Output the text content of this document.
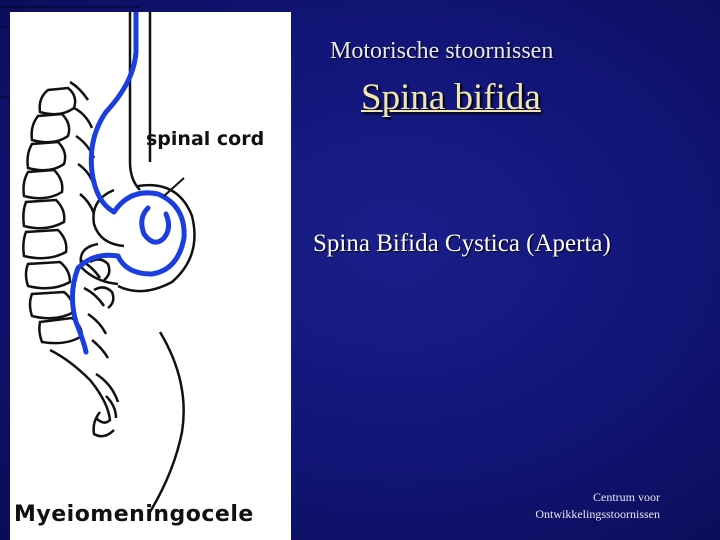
spinal cord
Myeiomeningocele
Motorische stoornissen
Spina bifida
Spina Bifida Cystica (Aperta)
Centrum voor
Ontwikkelingsstoornissen
